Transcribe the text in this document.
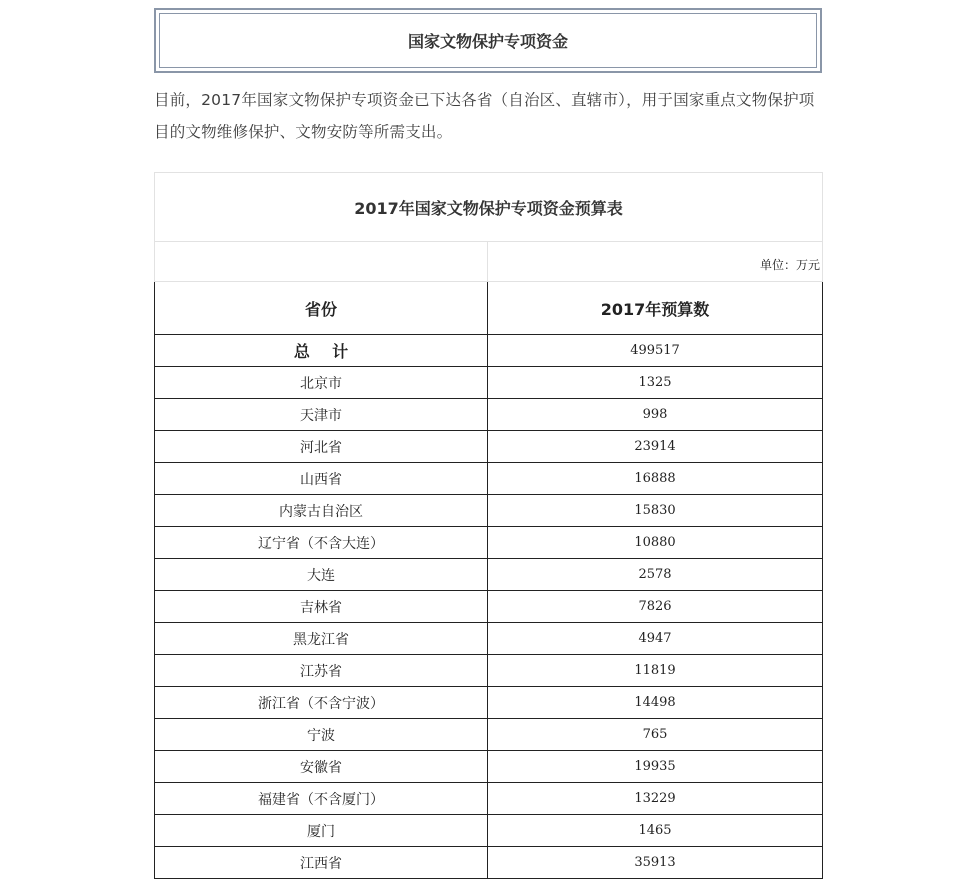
国家文物保护专项资金

目前，2017年国家文物保护专项资金已下达各省（自治区、直辖市），用于国家重点文物保护项目的文物维修保护、文物安防等所需支出。

2017年国家文物保护专项资金预算表	
	单位：万元
省份	2017年预算数
总    计	499517
北京市	1325
天津市	998
河北省	23914
山西省	16888
内蒙古自治区	15830
辽宁省（不含大连）	10880
大连	2578
吉林省	7826
黑龙江省	4947
江苏省	11819
浙江省（不含宁波）	14498
宁波	765
安徽省	19935
福建省（不含厦门）	13229
厦门	1465
江西省	35913
